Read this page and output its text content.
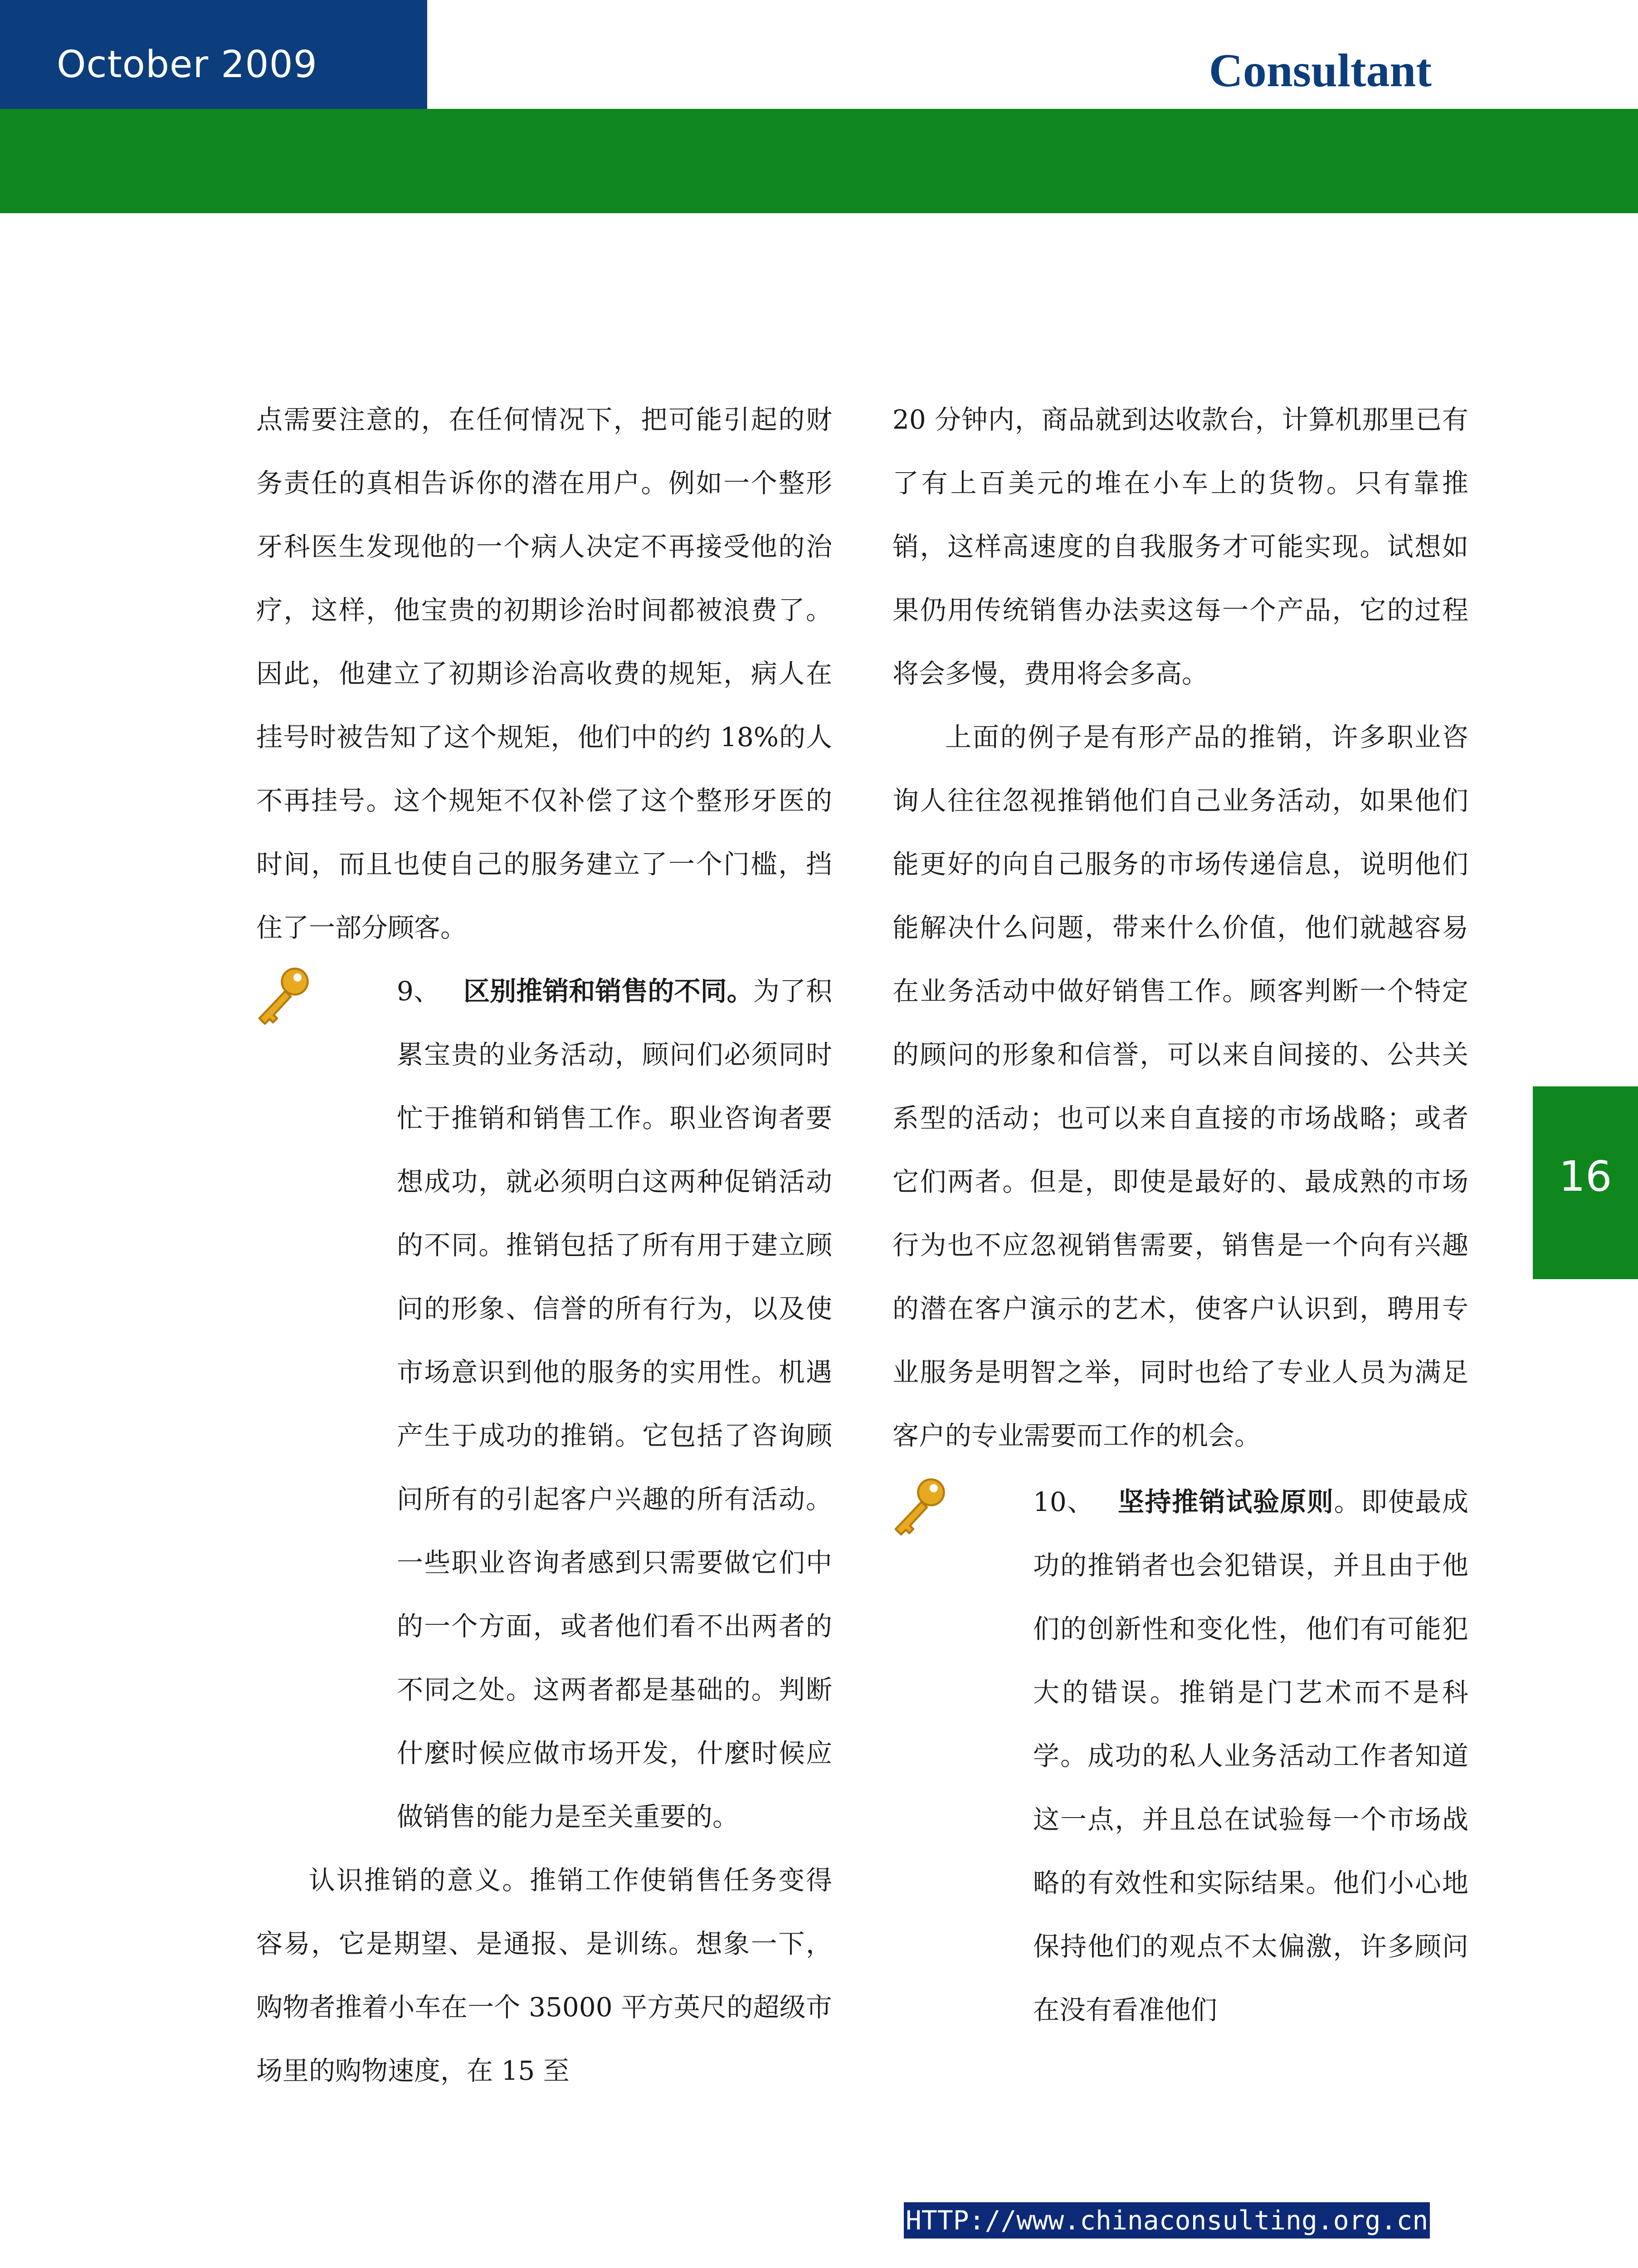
October 2009	Consultant

点需要注意的，在任何情况下，把可能引起的财务责任的真相告诉你的潜在用户。例如一个整形牙科医生发现他的一个病人决定不再接受他的治疗，这样，他宝贵的初期诊治时间都被浪费了。因此，他建立了初期诊治高收费的规矩，病人在挂号时被告知了这个规矩，他们中的约 18%的人不再挂号。这个规矩不仅补偿了这个整形牙医的时间，而且也使自己的服务建立了一个门槛，挡住了一部分顾客。

9、 区别推销和销售的不同。为了积累宝贵的业务活动，顾问们必须同时忙于推销和销售工作。职业咨询者要想成功，就必须明白这两种促销活动的不同。推销包括了所有用于建立顾问的形象、信誉的所有行为，以及使市场意识到他的服务的实用性。机遇产生于成功的推销。它包括了咨询顾问所有的引起客户兴趣的所有活动。一些职业咨询者感到只需要做它们中的一个方面，或者他们看不出两者的不同之处。这两者都是基础的。判断什麼时候应做市场开发，什麼时候应做销售的能力是至关重要的。

认识推销的意义。推销工作使销售任务变得容易，它是期望、是通报、是训练。想象一下，购物者推着小车在一个 35000 平方英尺的超级市场里的购物速度，在 15 至

20 分钟内，商品就到达收款台，计算机那里已有了有上百美元的堆在小车上的货物。只有靠推销，这样高速度的自我服务才可能实现。试想如果仍用传统销售办法卖这每一个产品，它的过程将会多慢，费用将会多高。

上面的例子是有形产品的推销，许多职业咨询人往往忽视推销他们自己业务活动，如果他们能更好的向自己服务的市场传递信息，说明他们能解决什么问题，带来什么价值，他们就越容易在业务活动中做好销售工作。顾客判断一个特定的顾问的形象和信誉，可以来自间接的、公共关系型的活动；也可以来自直接的市场战略；或者它们两者。但是，即使是最好的、最成熟的市场行为也不应忽视销售需要，销售是一个向有兴趣的潜在客户演示的艺术，使客户认识到，聘用专业服务是明智之举，同时也给了专业人员为满足客户的专业需要而工作的机会。

10、 坚持推销试验原则。即使最成功的推销者也会犯错误，并且由于他们的创新性和变化性，他们有可能犯大的错误。推销是门艺术而不是科学。成功的私人业务活动工作者知道这一点，并且总在试验每一个市场战略的有效性和实际结果。他们小心地保持他们的观点不太偏激，许多顾问在没有看准他们

16
HTTP://www.chinaconsulting.org.cn
